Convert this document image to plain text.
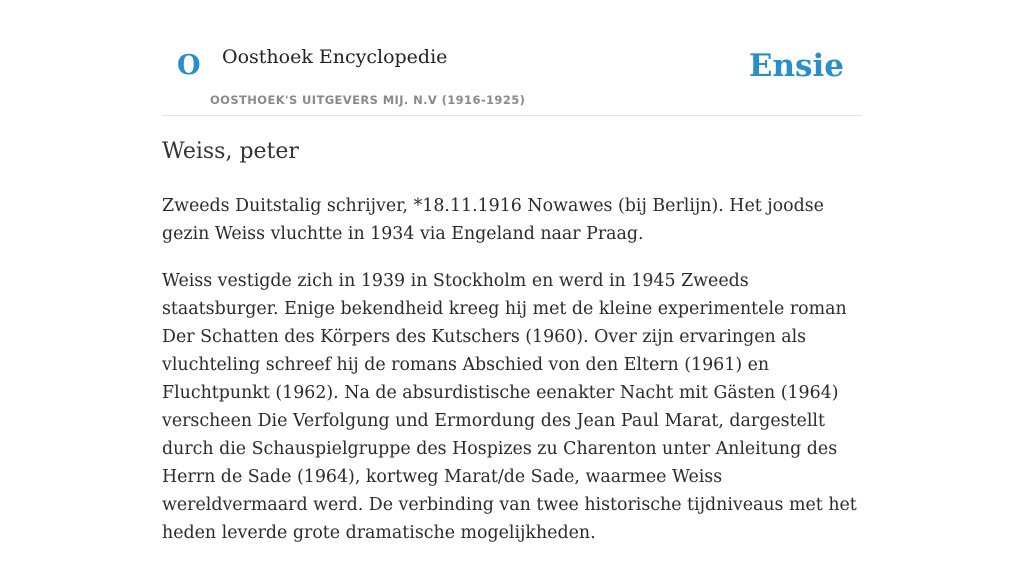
O Oosthoek Encyclopedie
OOSTHOEK'S UITGEVERS MIJ. N.V (1916-1925)
Ensie
Weiss, peter

Zweeds Duitstalig schrijver, *18.11.1916 Nowawes (bij Berlijn). Het joodse gezin Weiss vluchtte in 1934 via Engeland naar Praag.

Weiss vestigde zich in 1939 in Stockholm en werd in 1945 Zweeds staatsburger. Enige bekendheid kreeg hij met de kleine experimentele roman Der Schatten des Körpers des Kutschers (1960). Over zijn ervaringen als vluchteling schreef hij de romans Abschied von den Eltern (1961) en Fluchtpunkt (1962). Na de absurdistische eenakter Nacht mit Gästen (1964) verscheen Die Verfolgung und Ermordung des Jean Paul Marat, dargestellt durch die Schauspielgruppe des Hospizes zu Charenton unter Anleitung des Herrn de Sade (1964), kortweg Marat/de Sade, waarmee Weiss wereldvermaard werd. De verbinding van twee historische tijdniveaus met het heden leverde grote dramatische mogelijkheden.
